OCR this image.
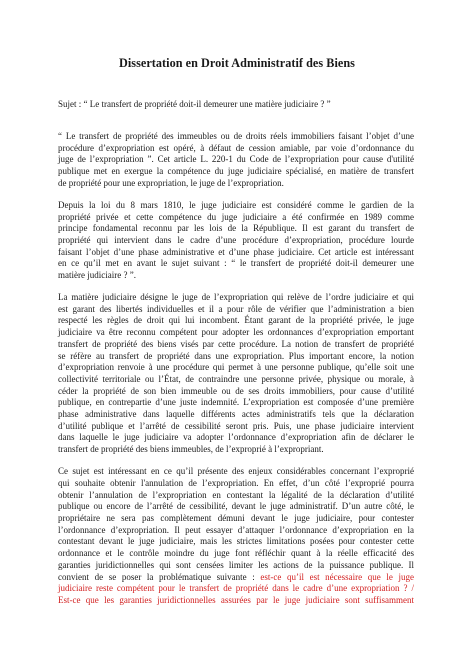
Dissertation en Droit Administratif des Biens
Sujet : “ Le transfert de propriété doit-il demeurer une matière judiciaire ? ”

“ Le transfert de propriété des immeubles ou de droits réels immobiliers faisant l’objet d’une
procédure d’expropriation est opéré, à défaut de cession amiable, par voie d’ordonnance du
juge de l’expropriation ”. Cet article L. 220-1 du Code de l’expropriation pour cause d'utilité
publique met en exergue la compétence du juge judiciaire spécialisé, en matière de transfert
de propriété pour une expropriation, le juge de l’expropriation.

Depuis la loi du 8 mars 1810, le juge judiciaire est considéré comme le gardien de la
propriété privée et cette compétence du juge judiciaire a été confirmée en 1989 comme
principe fondamental reconnu par les lois de la République. Il est garant du transfert de
propriété qui intervient dans le cadre d’une procédure d’expropriation, procédure lourde
faisant l’objet d’une phase administrative et d’une phase judiciaire. Cet article est intéressant
en ce qu’il met en avant le sujet suivant : “ le transfert de propriété doit-il demeurer une
matière judiciaire ? ”.

La matière judiciaire désigne le juge de l’expropriation qui relève de l’ordre judiciaire et qui
est garant des libertés individuelles et il a pour rôle de vérifier que l’administration a bien
respecté les règles de droit qui lui incombent. Étant garant de la propriété privée, le juge
judiciaire va être reconnu compétent pour adopter les ordonnances d’expropriation emportant
transfert de propriété des biens visés par cette procédure. La notion de transfert de propriété
se réfère au transfert de propriété dans une expropriation. Plus important encore, la notion
d’expropriation renvoie à une procédure qui permet à une personne publique, qu’elle soit une
collectivité territoriale ou l’État, de contraindre une personne privée, physique ou morale, à
céder la propriété de son bien immeuble ou de ses droits immobiliers, pour cause d’utilité
publique, en contrepartie d’une juste indemnité. L’expropriation est composée d’une première
phase administrative dans laquelle différents actes administratifs tels que la déclaration
d’utilité publique et l’arrêté de cessibilité seront pris. Puis, une phase judiciaire intervient
dans laquelle le juge judiciaire va adopter l’ordonnance d’expropriation afin de déclarer le
transfert de propriété des biens immeubles, de l’exproprié à l’expropriant.

Ce sujet est intéressant en ce qu’il présente des enjeux considérables concernant l’exproprié
qui souhaite obtenir l'annulation de l’expropriation. En effet, d’un côté l’exproprié pourra
obtenir l’annulation de l’expropriation en contestant la légalité de la déclaration d’utilité
publique ou encore de l’arrêté de cessibilité, devant le juge administratif. D’un autre côté, le
propriétaire ne sera pas complètement démuni devant le juge judiciaire, pour contester
l’ordonnance d’expropriation. Il peut essayer d’attaquer l’ordonnance d’expropriation en la
contestant devant le juge judiciaire, mais les strictes limitations posées pour contester cette
ordonnance et le contrôle moindre du juge font réfléchir quant à la réelle efficacité des
garanties juridictionnelles qui sont censées limiter les actions de la puissance publique. Il
convient de se poser la problématique suivante : est-ce qu’il est nécessaire que le juge
judiciaire reste compétent pour le transfert de propriété dans le cadre d’une expropriation ? /
Est-ce que les garanties juridictionnelles assurées par le juge judiciaire sont suffisamment
